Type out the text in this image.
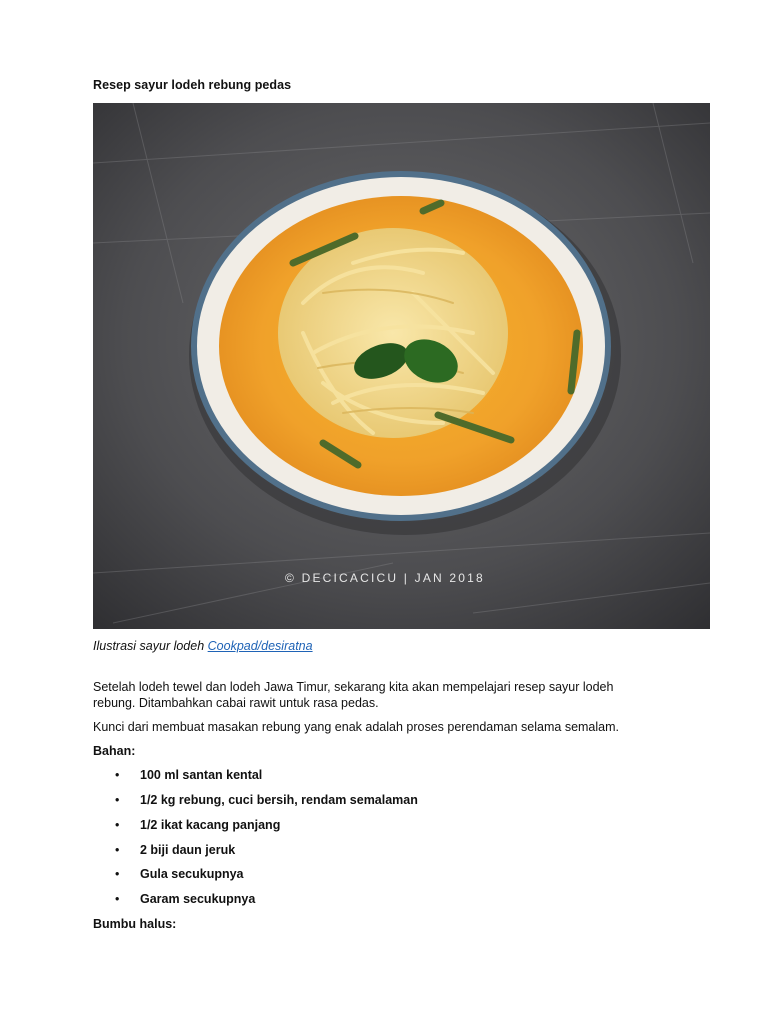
Resep sayur lodeh rebung pedas
© DECICACICU | JAN 2018
Ilustrasi sayur lodeh Cookpad/desiratna
Setelah lodeh tewel dan lodeh Jawa Timur, sekarang kita akan mempelajari resep sayur lodeh rebung. Ditambahkan cabai rawit untuk rasa pedas.
Kunci dari membuat masakan rebung yang enak adalah proses perendaman selama semalam.
Bahan:
• 100 ml santan kental
• 1/2 kg rebung, cuci bersih, rendam semalaman
• 1/2 ikat kacang panjang
• 2 biji daun jeruk
• Gula secukupnya
• Garam secukupnya
Bumbu halus:
